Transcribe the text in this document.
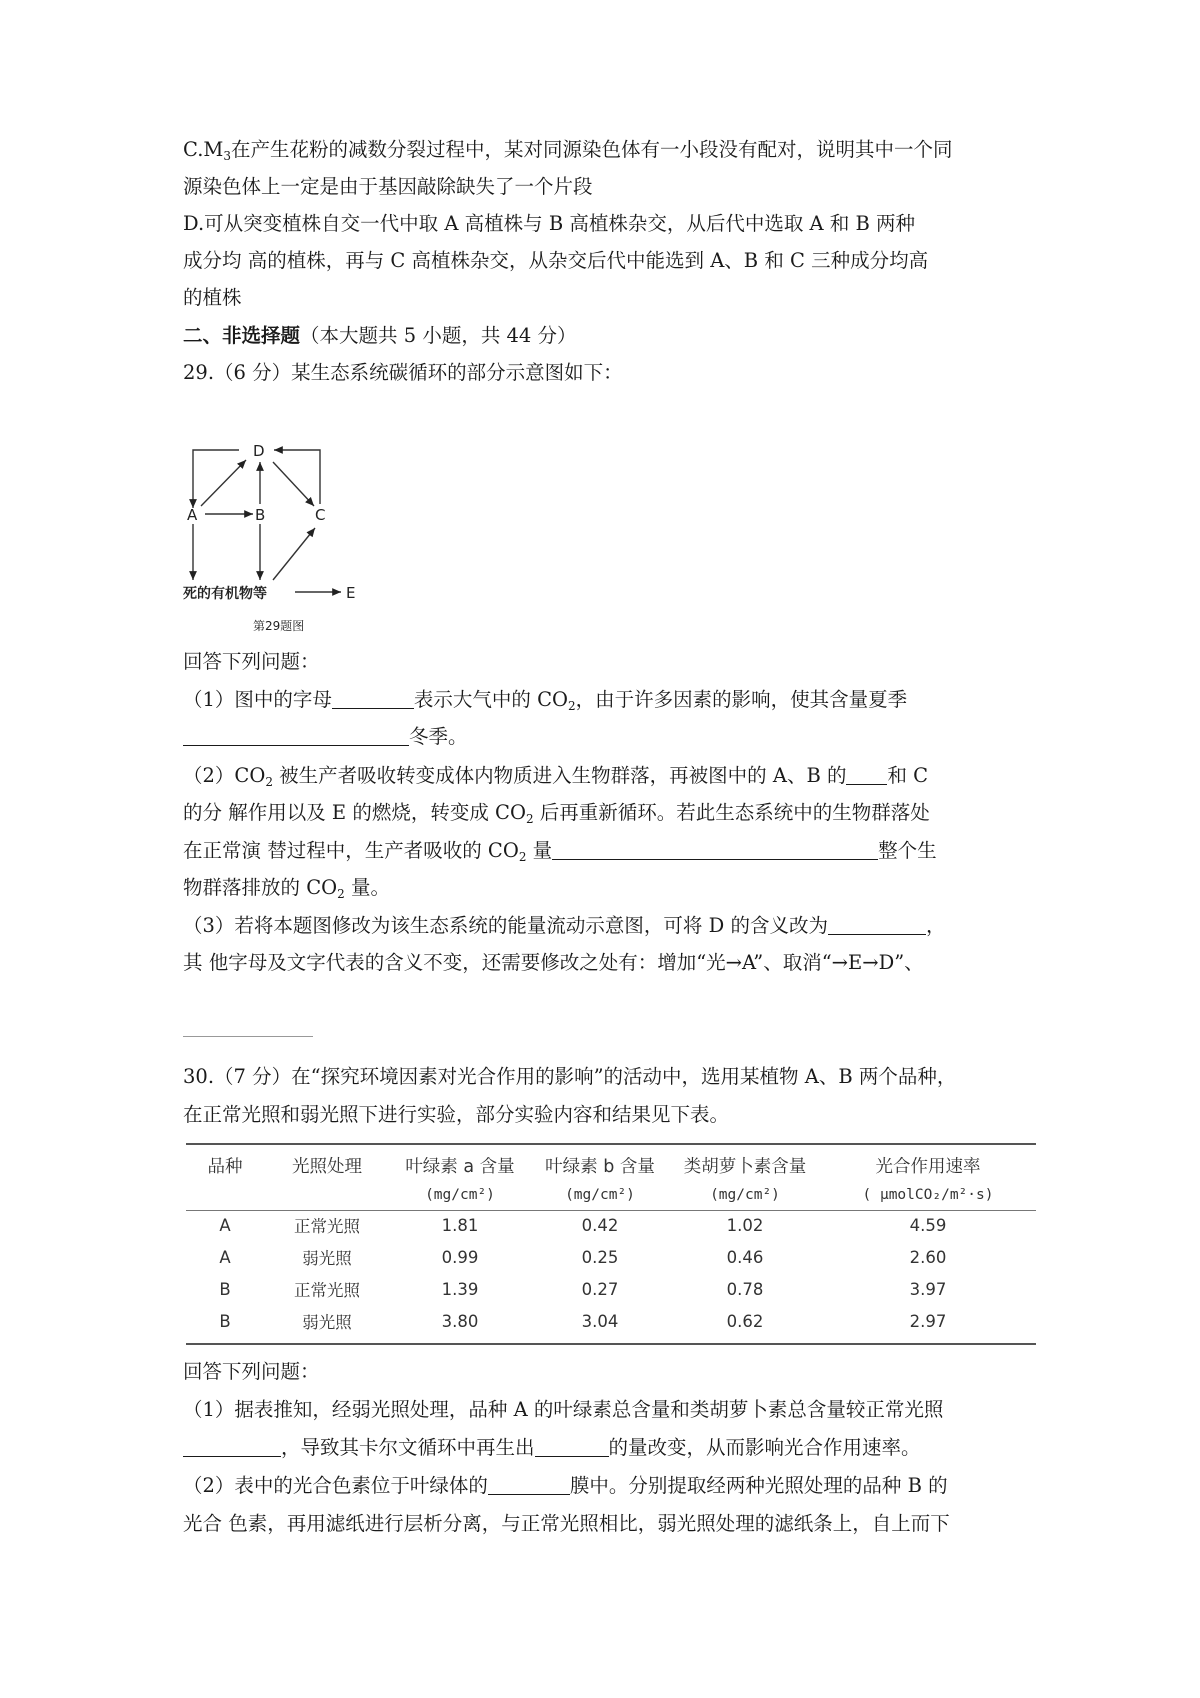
$C.M_3$在产生花粉的减数分裂过程中，某对同源染色体有一小段没有配对，说明其中一个同
源染色体上一定是由于基因敲除缺失了一个片段
D.可从突变植株自交一代中取 A 高植株与 B 高植株杂交，从后代中选取 A 和 B 两种
成分均 高的植株，再与 C 高植株杂交，从杂交后代中能选到 A、B 和 C 三种成分均高
的植株
二、非选择题（本大题共 5 小题，共 44 分）
29.（6 分）某生态系统碳循环的部分示意图如下：
回答下列问题：
（1）图中的字母	表示大气中的 $CO_2$，由于许多因素的影响，使其含量夏季
冬季。
$(2)CO_2$ 被生产者吸收转变成体内物质进入生物群落，再被图中的 A、B 的 和 C
的分 解作用以及 E 的燃烧，转变成 $CO_2$ 后再重新循环。若此生态系统中的生物群落处
在正常演 替过程中，生产者吸收的 $CO_2$ 量	整个生
物群落排放的 $CO_2$ 量。
（3）若将本题图修改为该生态系统的能量流动示意图，可将 D 的含义改为	，
其 他字母及文字代表的含义不变，还需要修改之处有：增加“光→A”、取消“→E→D”、
30.（7 分）在“探究环境因素对光合作用的影响”的活动中，选用某植物 A、B 两个品种，
在正常光照和弱光照下进行实验，部分实验内容和结果见下表。
回答下列问题：
（1）据表推知，经弱光照处理，品种 A 的叶绿素总含量和类胡萝卜素总含量较正常光照
，导致其卡尔文循环中再生出	的量改变，从而影响光合作用速率。
（2）表中的光合色素位于叶绿体的	膜中。分别提取经两种光照处理的品种 B 的
光合 色素，再用滤纸进行层析分离，与正常光照相比，弱光照处理的滤纸条上，自上而下
D
A	B	C
死的有机物等	E
第29题图
品种	光照处理	叶绿素 a 含量	叶绿素 b 含量	类胡萝卜素含量	光合作用速率
		(mg/cm²)	(mg/cm²)	(mg/cm²)	( μmolCO₂/m²·s)
A	正常光照	1.81	0.42	1.02	4.59
A	弱光照	0.99	0.25	0.46	2.60
B	正常光照	1.39	0.27	0.78	3.97
B	弱光照	3.80	3.04	0.62	2.97
